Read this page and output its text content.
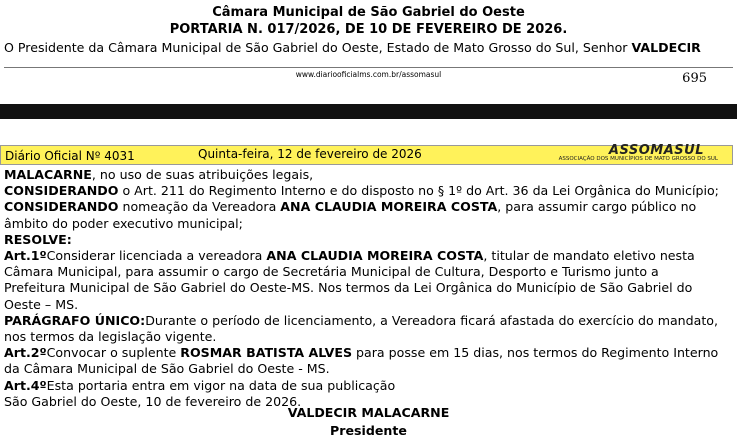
Câmara Municipal de São Gabriel do Oeste
PORTARIA N. 017/2026, DE 10 DE FEVEREIRO DE 2026.
O Presidente da Câmara Municipal de São Gabriel do Oeste, Estado de Mato Grosso do Sul, Senhor VALDECIR
www.diariooficialms.com.br/assomasul	695
Diário Oficial Nº 4031	Quinta-feira, 12 de fevereiro de 2026	ASSOMASUL
ASSOCIAÇÃO DOS MUNICÍPIOS DE MATO GROSSO DO SUL

MALACARNE, no uso de suas atribuições legais,

CONSIDERANDO o Art. 211 do Regimento Interno e do disposto no § 1º do Art. 36 da Lei Orgânica do Município;

CONSIDERANDO nomeação da Vereadora ANA CLAUDIA MOREIRA COSTA, para assumir cargo público no âmbito do poder executivo municipal;

RESOLVE:

Art.1ºConsiderar licenciada a vereadora ANA CLAUDIA MOREIRA COSTA, titular de mandato eletivo nesta Câmara Municipal, para assumir o cargo de Secretária Municipal de Cultura, Desporto e Turismo junto a Prefeitura Municipal de São Gabriel do Oeste-MS. Nos termos da Lei Orgânica do Município de São Gabriel do Oeste – MS.

PARÁGRAFO ÚNICO:Durante o período de licenciamento, a Vereadora ficará afastada do exercício do mandato, nos termos da legislação vigente.

Art.2ºConvocar o suplente ROSMAR BATISTA ALVES para posse em 15 dias, nos termos do Regimento Interno da Câmara Municipal de São Gabriel do Oeste - MS.

Art.4ºEsta portaria entra em vigor na data de sua publicação

São Gabriel do Oeste, 10 de fevereiro de 2026.

VALDECIR MALACARNE
Presidente
